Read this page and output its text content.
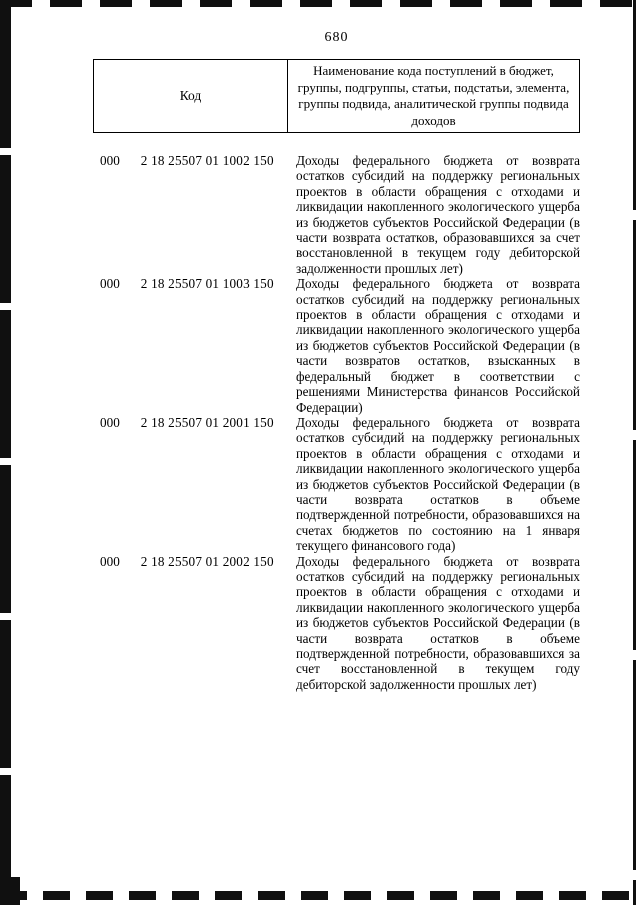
680
Код
Наименование кода поступлений в бюджет, группы, подгруппы, статьи, подстатьи, элемента, группы подвида, аналитической группы подвида доходов
000 2 18 25507 01 1002 150	Доходы федерального бюджета от возврата остатков субсидий на поддержку региональных проектов в области обращения с отходами и ликвидации накопленного экологического ущерба из бюджетов субъектов Российской Федерации (в части возврата остатков, образовавшихся за счет восстановленной в текущем году дебиторской задолженности прошлых лет)
000 2 18 25507 01 1003 150	Доходы федерального бюджета от возврата остатков субсидий на поддержку региональных проектов в области обращения с отходами и ликвидации накопленного экологического ущерба из бюджетов субъектов Российской Федерации (в части возвратов остатков, взысканных в федеральный бюджет в соответствии с решениями Министерства финансов Российской Федерации)
000 2 18 25507 01 2001 150	Доходы федерального бюджета от возврата остатков субсидий на поддержку региональных проектов в области обращения с отходами и ликвидации накопленного экологического ущерба из бюджетов субъектов Российской Федерации (в части возврата остатков в объеме подтвержденной потребности, образовавшихся на счетах бюджетов по состоянию на 1 января текущего финансового года)
000 2 18 25507 01 2002 150	Доходы федерального бюджета от возврата остатков субсидий на поддержку региональных проектов в области обращения с отходами и ликвидации накопленного экологического ущерба из бюджетов субъектов Российской Федерации (в части возврата остатков в объеме подтвержденной потребности, образовавшихся за счет восстановленной в текущем году дебиторской задолженности прошлых лет)
